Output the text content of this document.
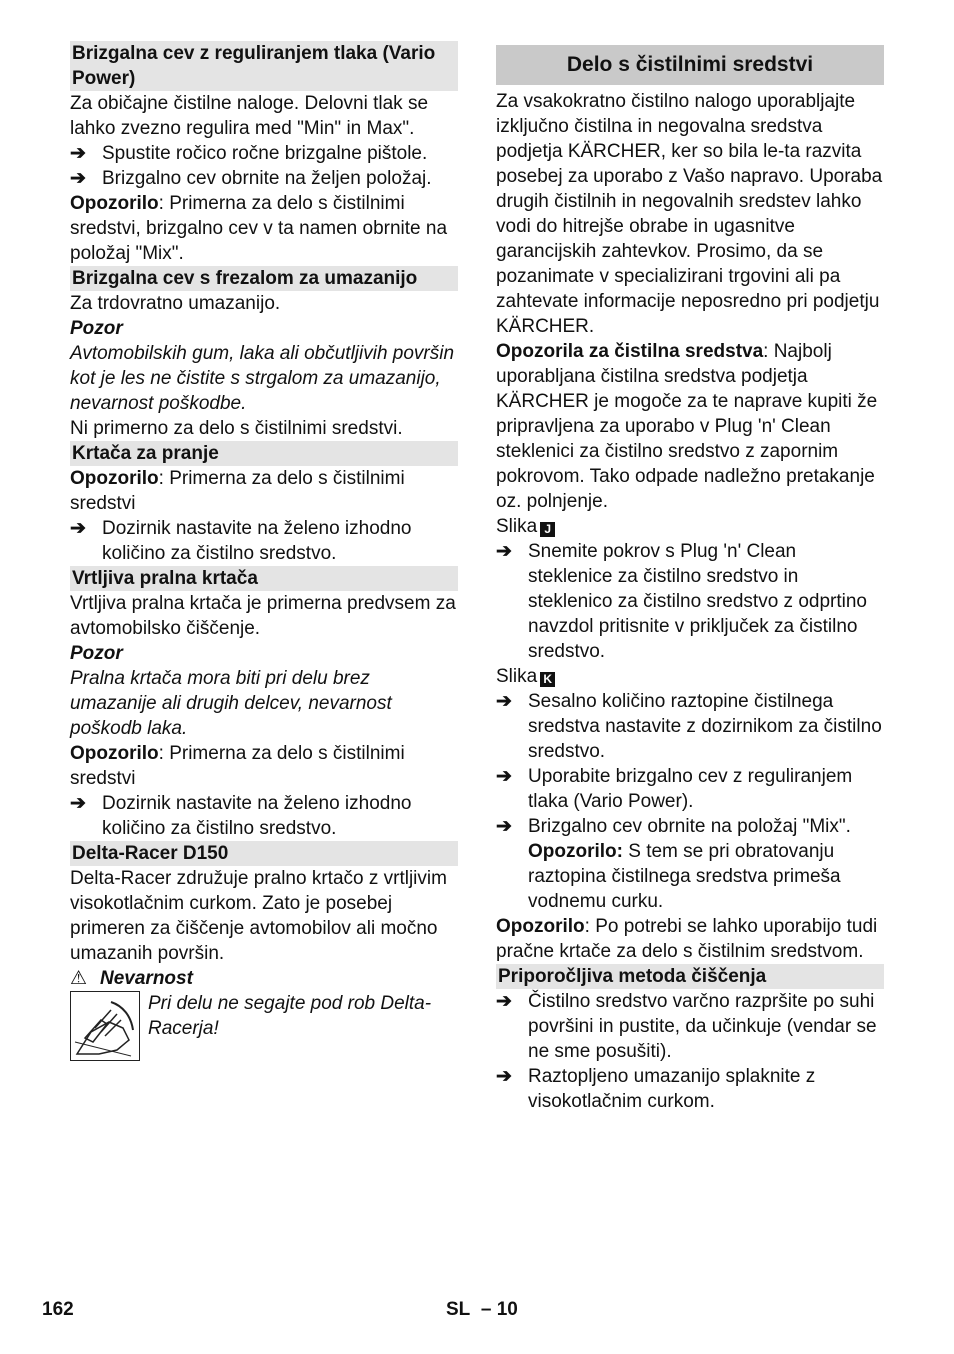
Brizgalna cev z reguliranjem tlaka (Vario Power)

Za običajne čistilne naloge. Delovni tlak se lahko zvezno regulira med "Min" in Max".

➔ Spustite ročico ročne brizgalne pištole.
➔ Brizgalno cev obrnite na željen položaj.

Opozorilo: Primerna za delo s čistilnimi sredstvi, brizgalno cev v ta namen obrnite na položaj "Mix".

Brizgalna cev s frezalom za umazanijo

Za trdovratno umazanijo.

Pozor

Avtomobilskih gum, laka ali občutljivih površin kot je les ne čistite s strgalom za umazanijo, nevarnost poškodbe.

Ni primerno za delo s čistilnimi sredstvi.

Krtača za pranje

Opozorilo: Primerna za delo s čistilnimi sredstvi

➔ Dozirnik nastavite na želeno izhodno količino za čistilno sredstvo.

Vrtljiva pralna krtača

Vrtljiva pralna krtača je primerna predvsem za avtomobilsko čiščenje.

Pozor

Pralna krtača mora biti pri delu brez umazanije ali drugih delcev, nevarnost poškodb laka.

Opozorilo: Primerna za delo s čistilnimi sredstvi

➔ Dozirnik nastavite na želeno izhodno količino za čistilno sredstvo.

Delta-Racer D150

Delta-Racer združuje pralno krtačo z vrtljivim visokotlačnim curkom. Zato je posebej primeren za čiščenje avtomobilov ali močno umazanih površin.

⚠ Nevarnost

Pri delu ne segajte pod rob Delta-Racerja!

Delo s čistilnimi sredstvi

Za vsakokratno čistilno nalogo uporabljajte izključno čistilna in negovalna sredstva podjetja KÄRCHER, ker so bila le-ta razvita posebej za uporabo z Vašo napravo. Uporaba drugih čistilnih in negovalnih sredstev lahko vodi do hitrejše obrabe in ugasnitve garancijskih zahtevkov. Prosimo, da se pozanimate v specializirani trgovini ali pa zahtevate informacije neposredno pri podjetju KÄRCHER.

Opozorila za čistilna sredstva: Najbolj uporabljana čistilna sredstva podjetja KÄRCHER je mogoče za te naprave kupiti že pripravljena za uporabo v Plug 'n' Clean steklenici za čistilno sredstvo z zapornim pokrovom. Tako odpade nadležno pretakanje oz. polnjenje.

Slika J

➔ Snemite pokrov s Plug 'n' Clean steklenice za čistilno sredstvo in steklenico za čistilno sredstvo z odprtino navzdol pritisnite v priključek za čistilno sredstvo.

Slika K

➔ Sesalno količino raztopine čistilnega sredstva nastavite z dozirnikom za čistilno sredstvo.
➔ Uporabite brizgalno cev z reguliranjem tlaka (Vario Power).
➔ Brizgalno cev obrnite na položaj "Mix".
Opozorilo: S tem se pri obratovanju raztopina čistilnega sredstva primeša vodnemu curku.

Opozorilo: Po potrebi se lahko uporabijo tudi pračne krtače za delo s čistilnim sredstvom.

Priporočljiva metoda čiščenja

➔ Čistilno sredstvo varčno razpršite po suhi površini in pustite, da učinkuje (vendar se ne sme posušiti).
➔ Raztopljeno umazanijo splaknite z visokotlačnim curkom.
162	SL – 10
